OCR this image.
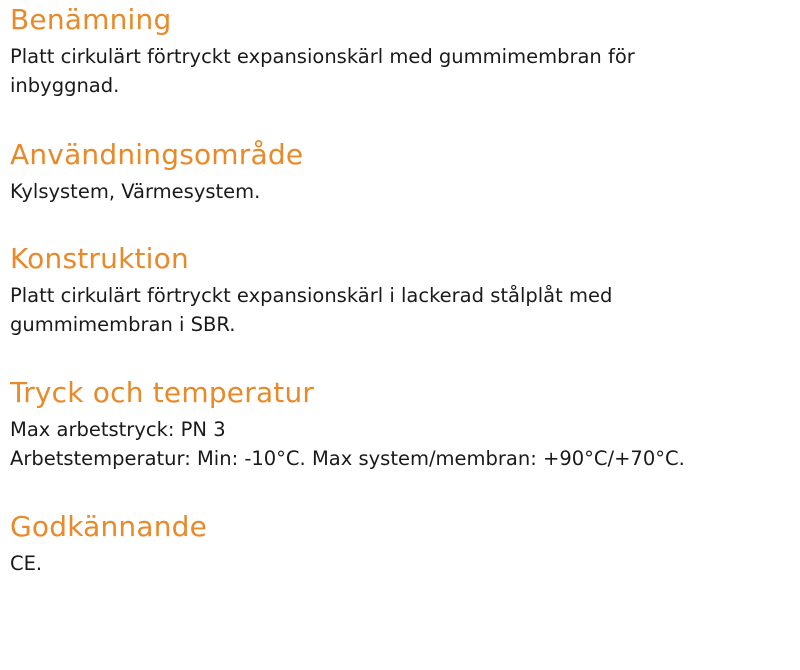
Benämning

Platt cirkulärt förtryckt expansionskärl med gummimembran för
inbyggnad.

Användningsområde

Kylsystem, Värmesystem.

Konstruktion

Platt cirkulärt förtryckt expansionskärl i lackerad stålplåt med
gummimembran i SBR.

Tryck och temperatur

Max arbetstryck: PN 3
Arbetstemperatur: Min: -10°C. Max system/membran: +90°C/+70°C.

Godkännande

CE.
